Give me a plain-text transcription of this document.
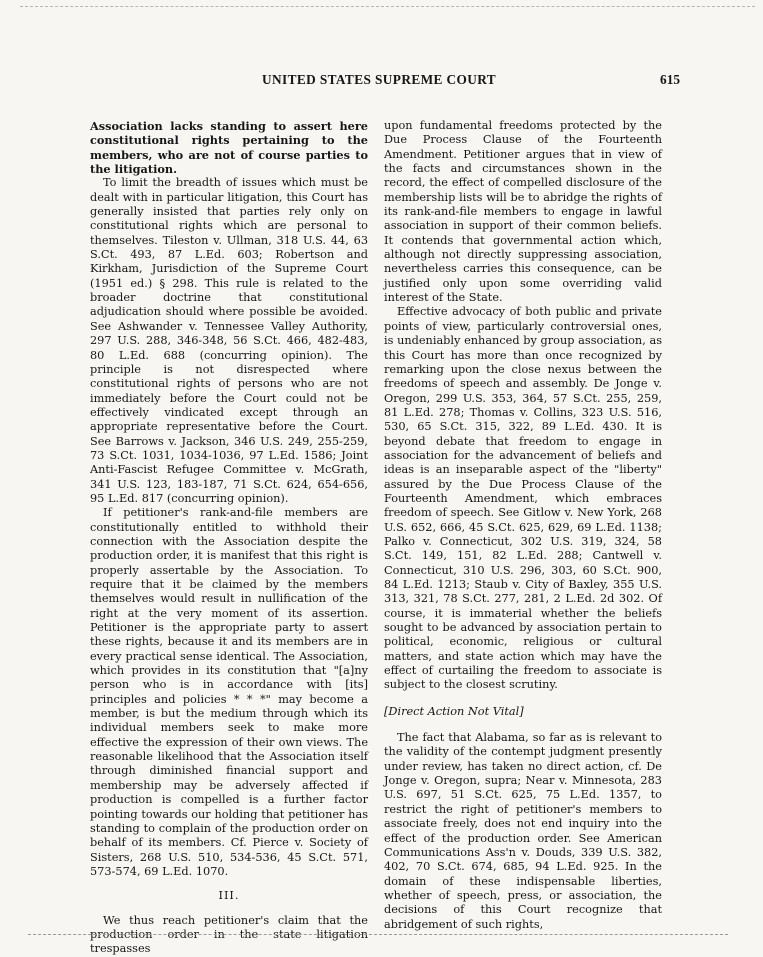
UNITED STATES SUPREME COURT	615

Association lacks standing to assert here constitutional rights pertaining to the members, who are not of course parties to the litigation.

To limit the breadth of issues which must be dealt with in particular litigation, this Court has generally insisted that parties rely only on constitutional rights which are personal to themselves. Tileston v. Ullman, 318 U.S. 44, 63 S.Ct. 493, 87 L.Ed. 603; Robertson and Kirkham, Jurisdiction of the Supreme Court (1951 ed.) § 298. This rule is related to the broader doctrine that constitutional adjudication should where possible be avoided. See Ashwander v. Tennessee Valley Authority, 297 U.S. 288, 346-348, 56 S.Ct. 466, 482-483, 80 L.Ed. 688 (concurring opinion). The principle is not disrespected where constitutional rights of persons who are not immediately before the Court could not be effectively vindicated except through an appropriate representative before the Court. See Barrows v. Jackson, 346 U.S. 249, 255-259, 73 S.Ct. 1031, 1034-1036, 97 L.Ed. 1586; Joint Anti-Fascist Refugee Committee v. McGrath, 341 U.S. 123, 183-187, 71 S.Ct. 624, 654-656, 95 L.Ed. 817 (concurring opinion).

If petitioner's rank-and-file members are constitutionally entitled to withhold their connection with the Association despite the production order, it is manifest that this right is properly assertable by the Association. To require that it be claimed by the members themselves would result in nullification of the right at the very moment of its assertion. Petitioner is the appropriate party to assert these rights, because it and its members are in every practical sense identical. The Association, which provides in its constitution that "[a]ny person who is in accordance with [its] principles and policies * * *" may become a member, is but the medium through which its individual members seek to make more effective the expression of their own views. The reasonable likelihood that the Association itself through diminished financial support and membership may be adversely affected if production is compelled is a further factor pointing towards our holding that petitioner has standing to complain of the production order on behalf of its members. Cf. Pierce v. Society of Sisters, 268 U.S. 510, 534-536, 45 S.Ct. 571, 573-574, 69 L.Ed. 1070.

III.

We thus reach petitioner's claim that the production order in the state litigation trespasses

upon fundamental freedoms protected by the Due Process Clause of the Fourteenth Amendment. Petitioner argues that in view of the facts and circumstances shown in the record, the effect of compelled disclosure of the membership lists will be to abridge the rights of its rank-and-file members to engage in lawful association in support of their common beliefs. It contends that governmental action which, although not directly suppressing association, nevertheless carries this consequence, can be justified only upon some overriding valid interest of the State.

Effective advocacy of both public and private points of view, particularly controversial ones, is undeniably enhanced by group association, as this Court has more than once recognized by remarking upon the close nexus between the freedoms of speech and assembly. De Jonge v. Oregon, 299 U.S. 353, 364, 57 S.Ct. 255, 259, 81 L.Ed. 278; Thomas v. Collins, 323 U.S. 516, 530, 65 S.Ct. 315, 322, 89 L.Ed. 430. It is beyond debate that freedom to engage in association for the advancement of beliefs and ideas is an inseparable aspect of the "liberty" assured by the Due Process Clause of the Fourteenth Amendment, which embraces freedom of speech. See Gitlow v. New York, 268 U.S. 652, 666, 45 S.Ct. 625, 629, 69 L.Ed. 1138; Palko v. Connecticut, 302 U.S. 319, 324, 58 S.Ct. 149, 151, 82 L.Ed. 288; Cantwell v. Connecticut, 310 U.S. 296, 303, 60 S.Ct. 900, 84 L.Ed. 1213; Staub v. City of Baxley, 355 U.S. 313, 321, 78 S.Ct. 277, 281, 2 L.Ed. 2d 302. Of course, it is immaterial whether the beliefs sought to be advanced by association pertain to political, economic, religious or cultural matters, and state action which may have the effect of curtailing the freedom to associate is subject to the closest scrutiny.

[Direct Action Not Vital]

The fact that Alabama, so far as is relevant to the validity of the contempt judgment presently under review, has taken no direct action, cf. De Jonge v. Oregon, supra; Near v. Minnesota, 283 U.S. 697, 51 S.Ct. 625, 75 L.Ed. 1357, to restrict the right of petitioner's members to associate freely, does not end inquiry into the effect of the production order. See American Communications Ass'n v. Douds, 339 U.S. 382, 402, 70 S.Ct. 674, 685, 94 L.Ed. 925. In the domain of these indispensable liberties, whether of speech, press, or association, the decisions of this Court recognize that abridgement of such rights,
